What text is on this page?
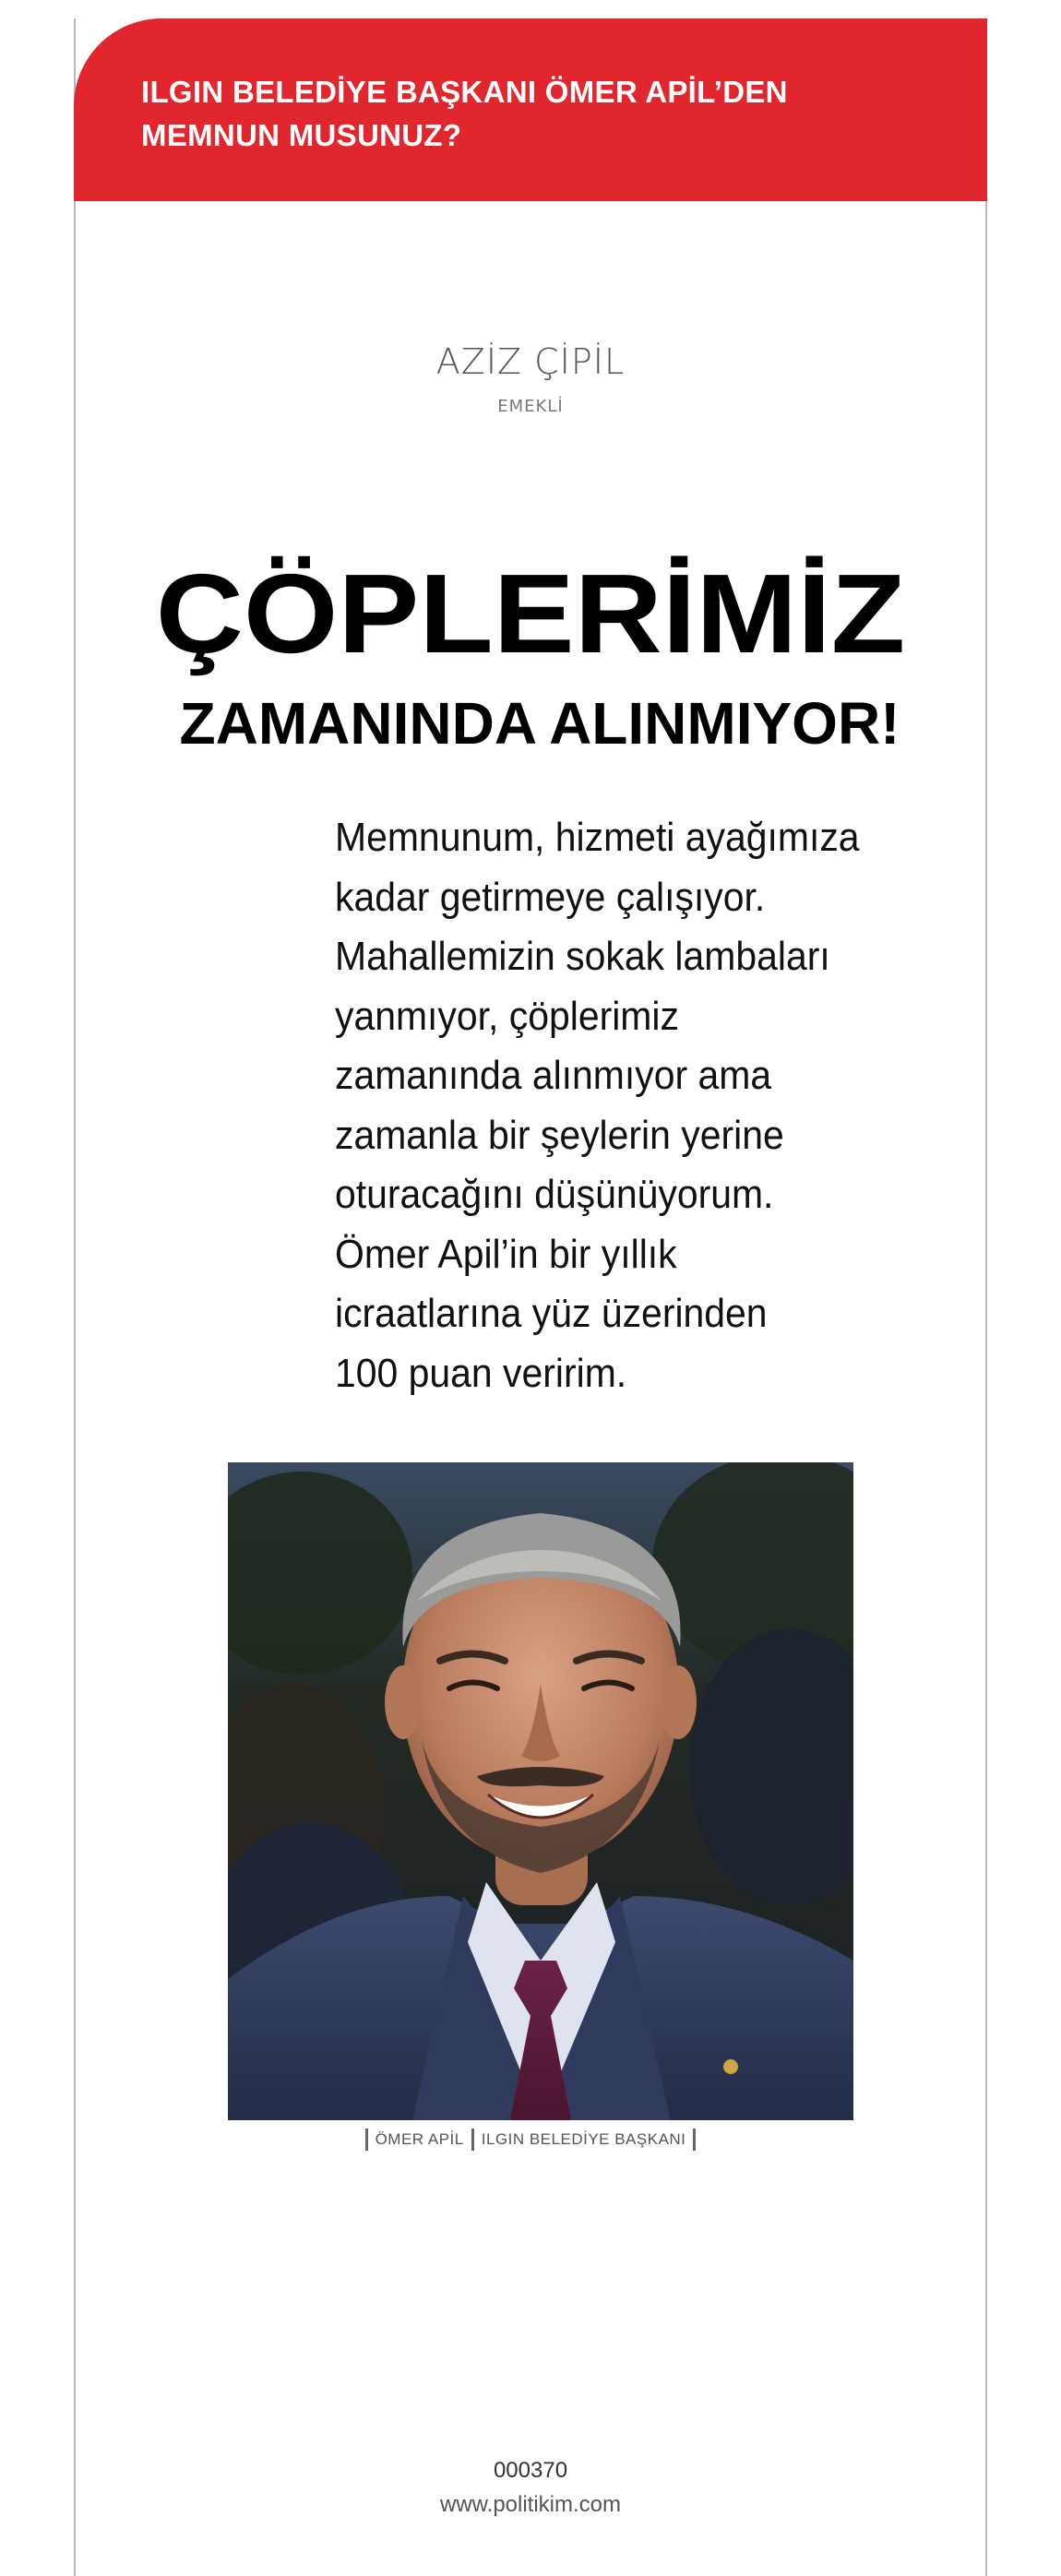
ILGIN BELEDİYE BAŞKANI ÖMER APİL’DEN
MEMNUN MUSUNUZ?

AZİZ ÇİPİL

EMEKLİ

ÇÖPLERİMİZ
ZAMANINDA ALINMIYOR!
Memnunum, hizmeti ayağımıza
kadar getirmeye çalışıyor.
Mahallemizin sokak lambaları
yanmıyor, çöplerimiz
zamanında alınmıyor ama
zamanla bir şeylerin yerine
oturacağını düşünüyorum.
Ömer Apil’in bir yıllık
icraatlarına yüz üzerinden
100 puan veririm.
ÖMER APİL ILGIN BELEDİYE BAŞKANI

000370

www.politikim.com
